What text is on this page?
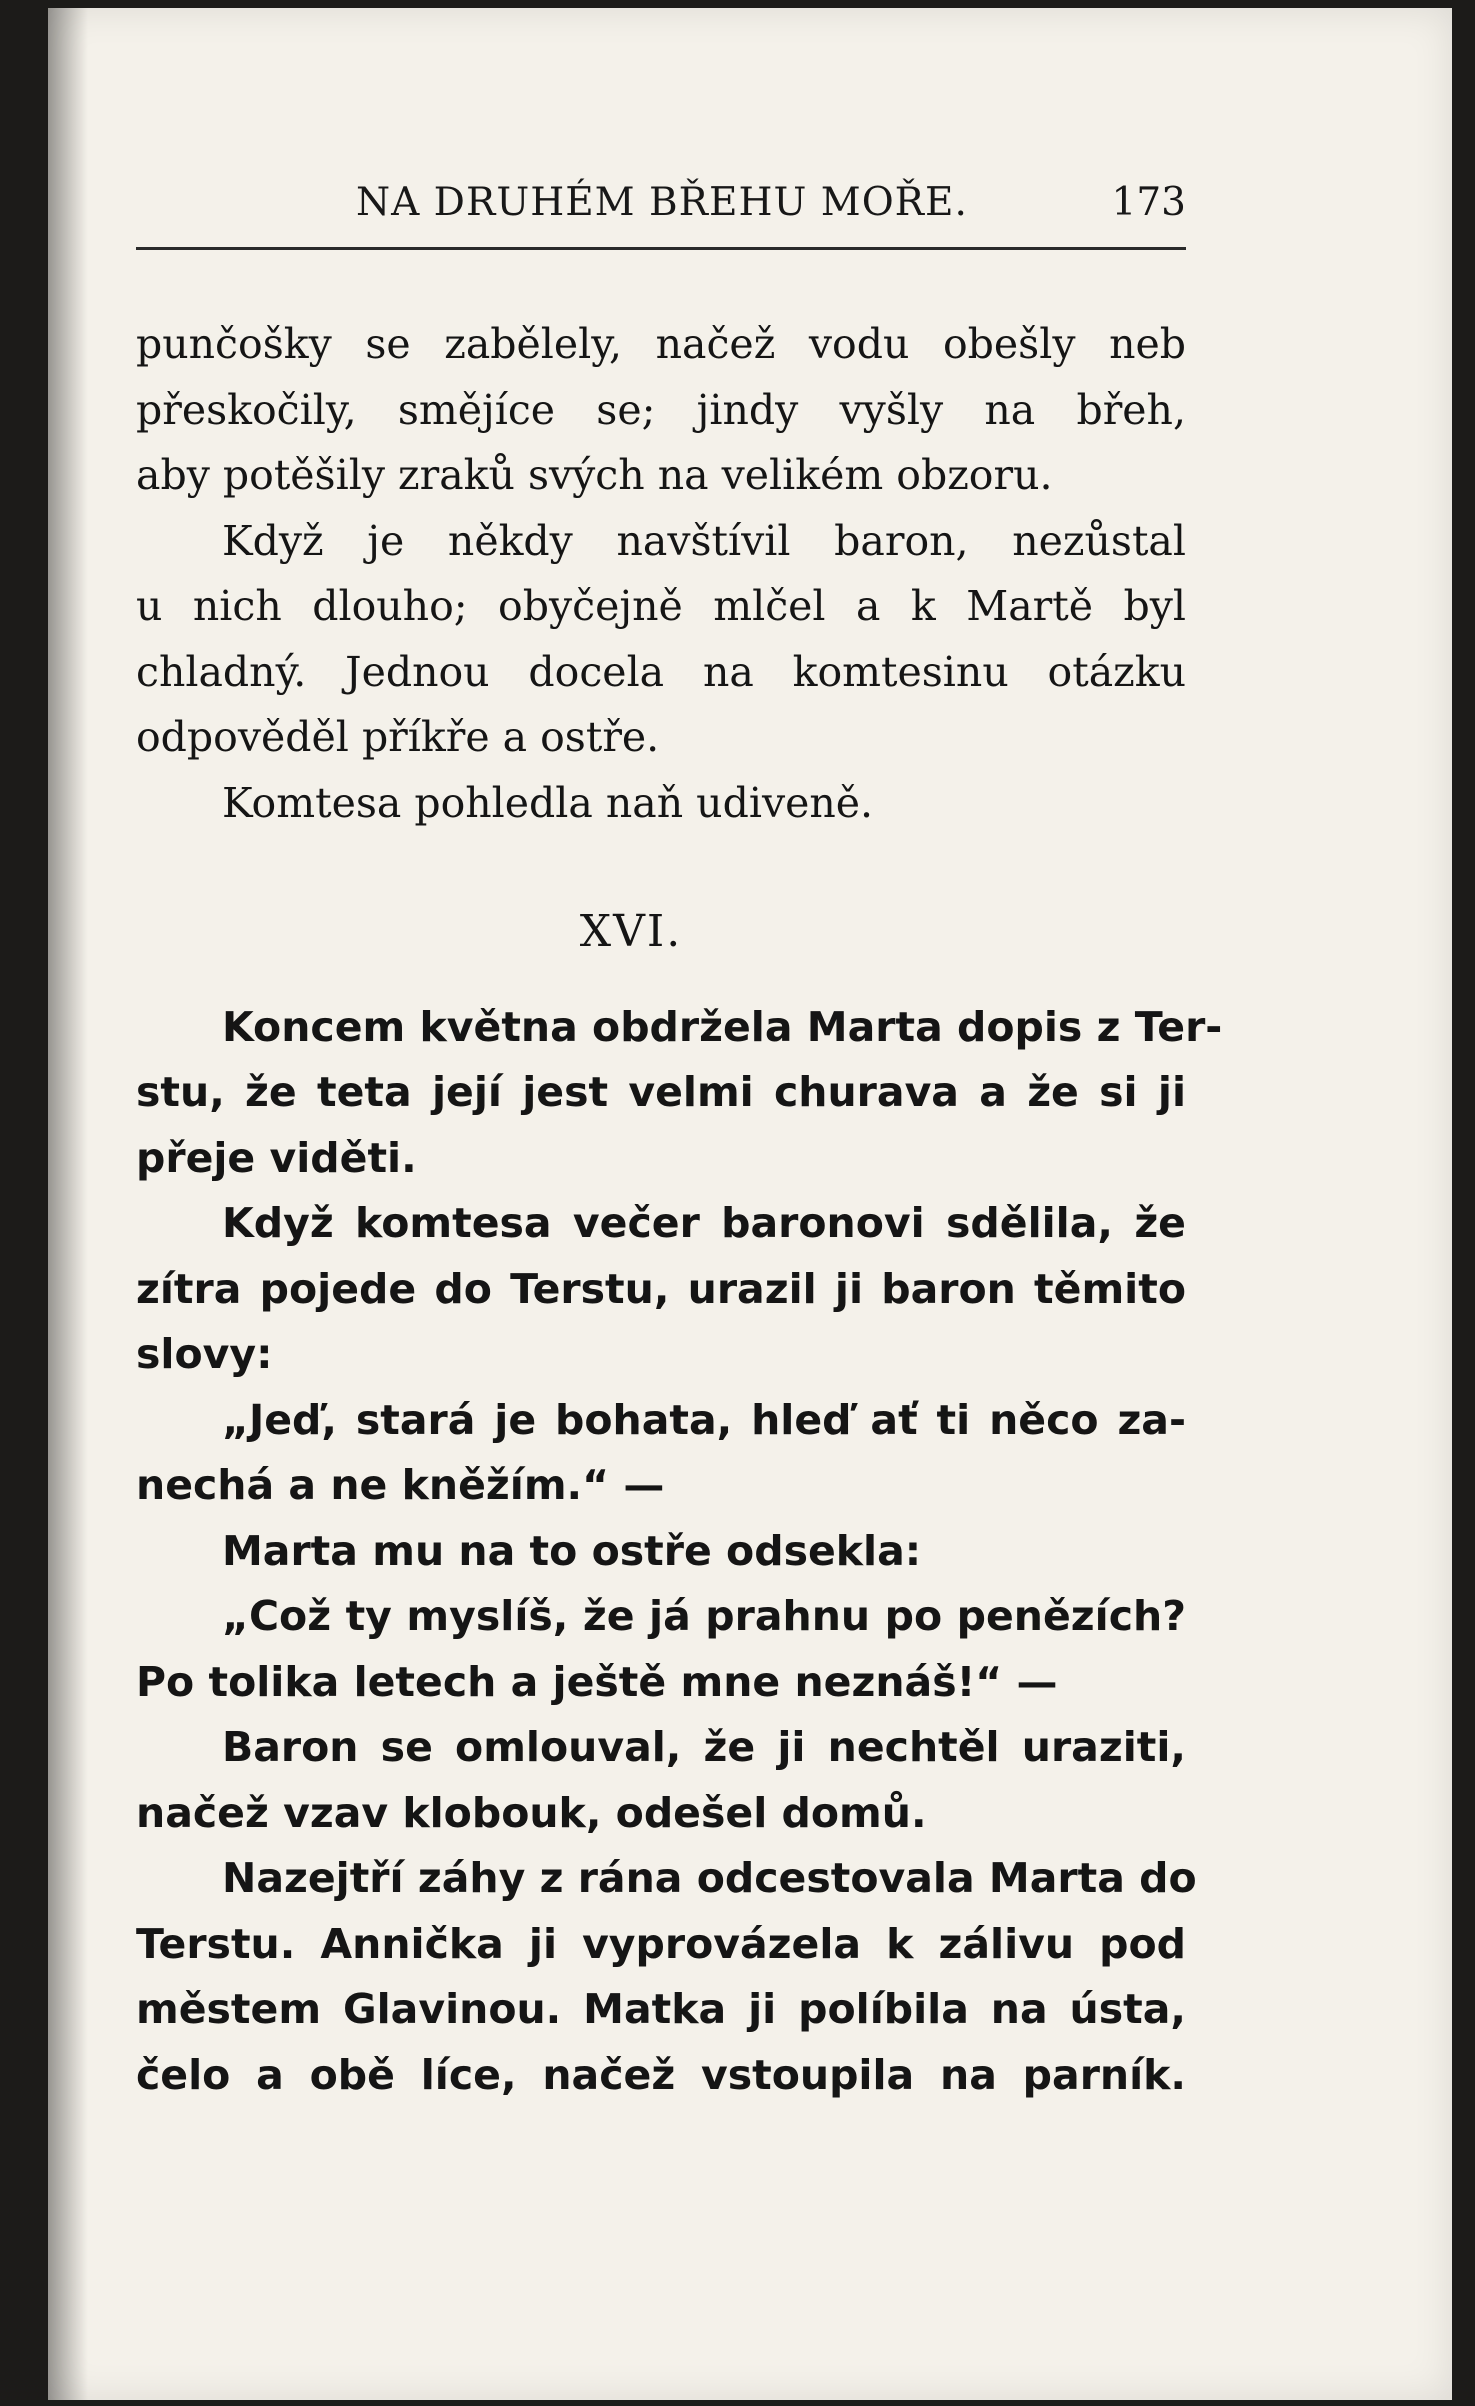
NA DRUHÉM BŘEHU MOŘE.	173
punčošky se zabělely, načež vodu obešly neb
přeskočily, smějíce se; jindy vyšly na břeh,
aby potěšily zraků svých na velikém obzoru.
Když je někdy navštívil baron, nezůstal
u nich dlouho; obyčejně mlčel a k Martě byl
chladný. Jednou docela na komtesinu otázku
odpověděl příkře a ostře.
Komtesa pohledla naň udiveně.
XVI.
Koncem května obdržela Marta dopis z Ter-
stu, že teta její jest velmi churava a že si ji
přeje viděti.
Když komtesa večer baronovi sdělila, že
zítra pojede do Terstu, urazil ji baron těmito
slovy:
„Jeď, stará je bohata, hleď ať ti něco za-
nechá a ne kněžím.“ —
Marta mu na to ostře odsekla:
„Což ty myslíš, že já prahnu po penězích?
Po tolika letech a ještě mne neznáš!“ —
Baron se omlouval, že ji nechtěl uraziti,
načež vzav klobouk, odešel domů.
Nazejtří záhy z rána odcestovala Marta do
Terstu. Annička ji vyprovázela k zálivu pod
městem Glavinou. Matka ji políbila na ústa,
čelo a obě líce, načež vstoupila na parník.
